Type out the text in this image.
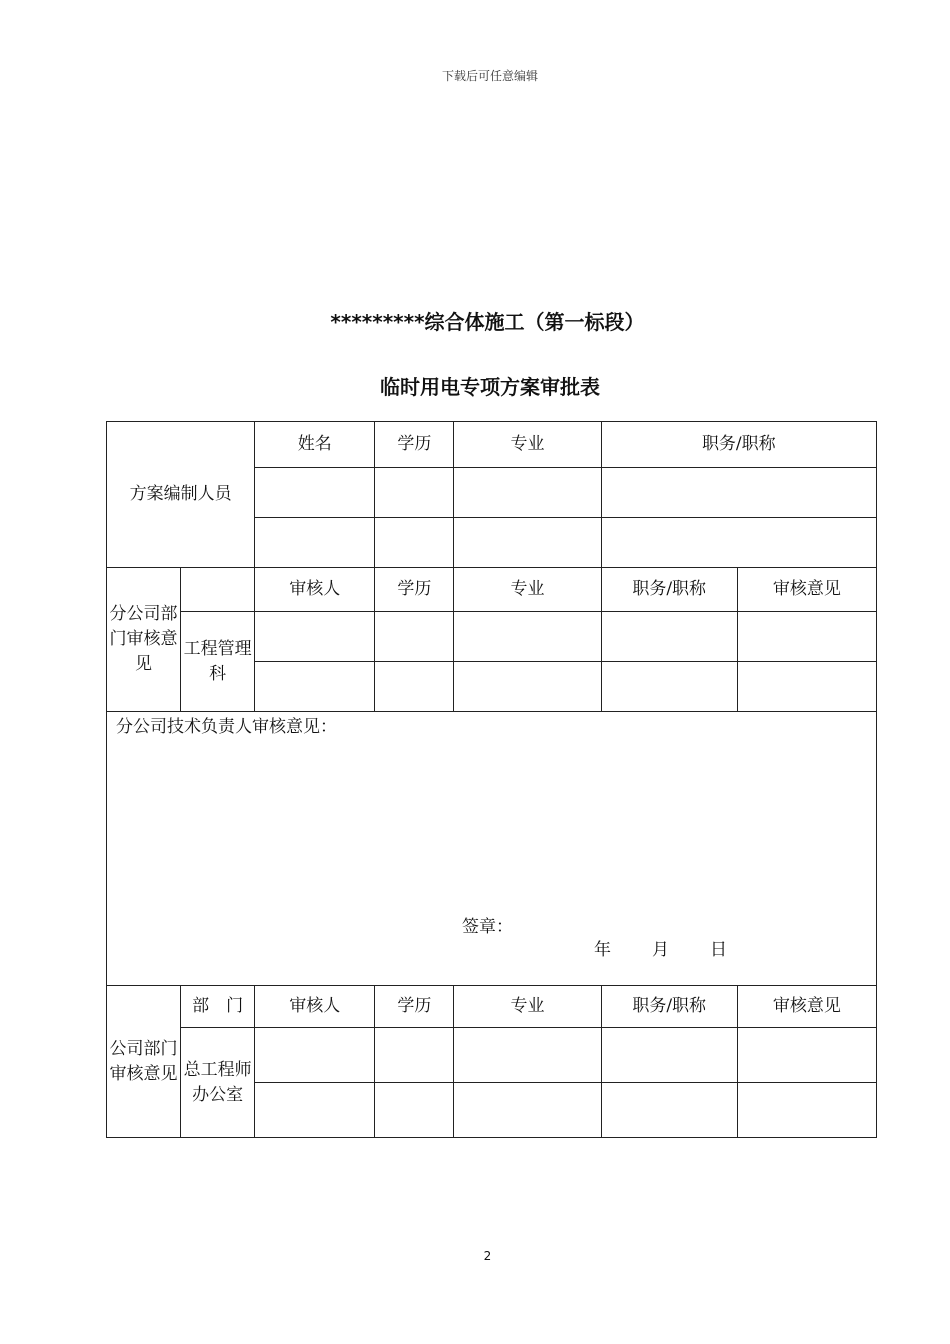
下载后可任意编辑
*********综合体施工（第一标段）
临时用电专项方案审批表
方案编制人员		姓名	学历	专业	职务/职称	

分公司部门审核意见		审核人	学历	专业	职务/职称	审核意见
	工程管理科					

分公司技术负责人审核意见：
签章：
年 月 日						

公司部门审核意见	部　门	审核人	学历	专业	职务/职称	审核意见
	总工程师办公室					

2
